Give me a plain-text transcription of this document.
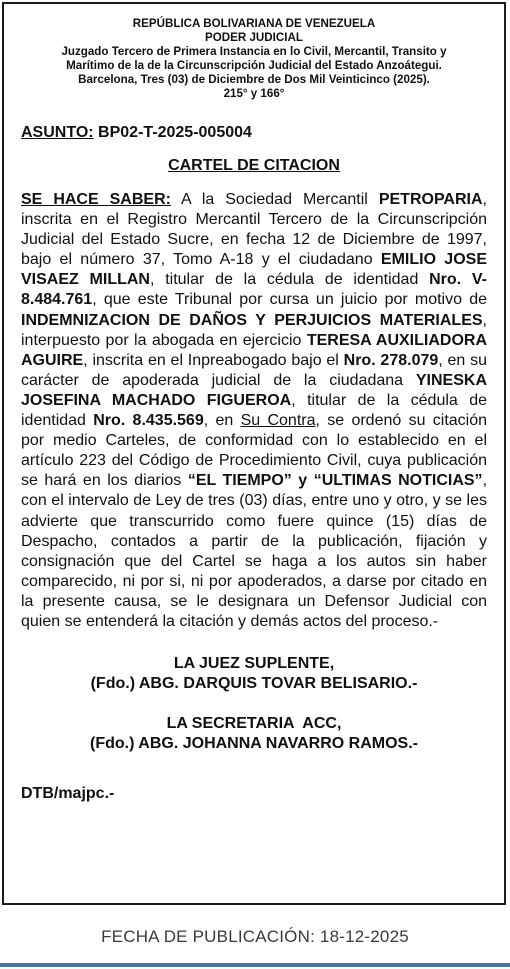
REPÚBLICA BOLIVARIANA DE VENEZUELA
PODER JUDICIAL
Juzgado Tercero de Primera Instancia en lo Civil, Mercantil, Transito y
Marítimo de la de la Circunscripción Judicial del Estado Anzoátegui.
Barcelona, Tres (03) de Diciembre de Dos Mil Veinticinco (2025).
215° y 166°
ASUNTO: BP02-T-2025-005004
CARTEL DE CITACION
SE HACE SABER: A la Sociedad Mercantil PETROPARIA, inscrita en el Registro Mercantil Tercero de la Circunscripción Judicial del Estado Sucre, en fecha 12 de Diciembre de 1997, bajo el número 37, Tomo A-18 y el ciudadano EMILIO JOSE VISAEZ MILLAN, titular de la cédula de identidad Nro. V-8.484.761, que este Tribunal por cursa un juicio por motivo de INDEMNIZACION DE DAÑOS Y PERJUICIOS MATERIALES, interpuesto por la abogada en ejercicio TERESA AUXILIADORA AGUIRE, inscrita en el Inpreabogado bajo el Nro. 278.079, en su carácter de apoderada judicial de la ciudadana YINESKA JOSEFINA MACHADO FIGUEROA, titular de la cédula de identidad Nro. 8.435.569, en Su Contra, se ordenó su citación por medio Carteles, de conformidad con lo establecido en el artículo 223 del Código de Procedimiento Civil, cuya publicación se hará en los diarios “EL TIEMPO” y “ULTIMAS NOTICIAS”, con el intervalo de Ley de tres (03) días, entre uno y otro, y se les advierte que transcurrido como fuere quince (15) días de Despacho, contados a partir de la publicación, fijación y consignación que del Cartel se haga a los autos sin haber comparecido, ni por si, ni por apoderados, a darse por citado en la presente causa, se le designara un Defensor Judicial con quien se entenderá la citación y demás actos del proceso.-
LA JUEZ SUPLENTE,
(Fdo.) ABG. DARQUIS TOVAR BELISARIO.-
LA SECRETARIA  ACC,
(Fdo.) ABG. JOHANNA NAVARRO RAMOS.-
DTB/majpc.-
FECHA DE PUBLICACIÓN: 18-12-2025
